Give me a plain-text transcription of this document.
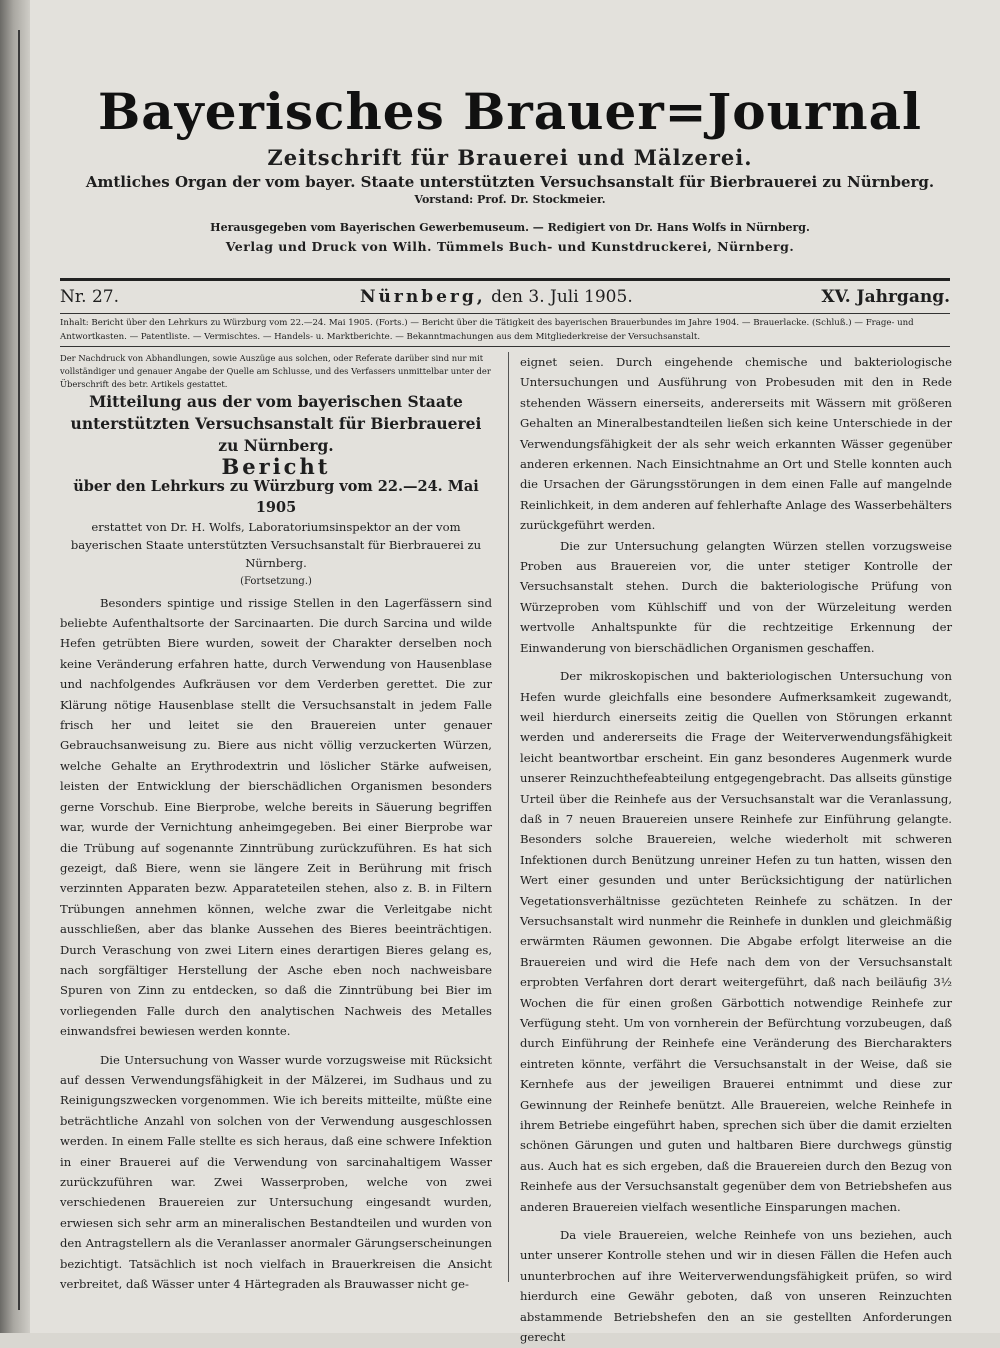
Bayerisches Brauer=Journal

Zeitschrift für Brauerei und Mälzerei.

Amtliches Organ der vom bayer. Staate unterstützten Versuchsanstalt für Bierbrauerei zu Nürnberg.

Vorstand: Prof. Dr. Stockmeier.

Herausgegeben vom Bayerischen Gewerbemuseum. — Redigiert von Dr. Hans Wolfs in Nürnberg.

Verlag und Druck von Wilh. Tümmels Buch- und Kunstdruckerei, Nürnberg.

Nr. 27.	Nürnberg, den 3. Juli 1905.	XV. Jahrgang.
Inhalt: Bericht über den Lehrkurs zu Würzburg vom 22.—24. Mai 1905. (Forts.) — Bericht über die Tätigkeit des bayerischen Brauerbundes im Jahre 1904. — Brauerlacke. (Schluß.) — Frage- und Antwortkasten. — Patentliste. — Vermischtes. — Handels- u. Marktberichte. — Bekanntmachungen aus dem Mitgliederkreise der Versuchsanstalt.

Der Nachdruck von Abhandlungen, sowie Auszüge aus solchen, oder Referate darüber sind nur mit vollständiger und genauer Angabe der Quelle am Schlusse, und des Verfassers unmittelbar unter der Überschrift des betr. Artikels gestattet.

Mitteilung aus der vom bayerischen Staate unterstützten Versuchsanstalt für Bierbrauerei zu Nürnberg.

Bericht

über den Lehrkurs zu Würzburg vom 22.—24. Mai 1905

erstattet von Dr. H. Wolfs, Laboratoriumsinspektor an der vom bayerischen Staate unterstützten Versuchsanstalt für Bierbrauerei zu Nürnberg.

(Fortsetzung.)

Besonders spintige und rissige Stellen in den Lagerfässern sind beliebte Aufenthaltsorte der Sarcinaarten. Die durch Sarcina und wilde Hefen getrübten Biere wurden, soweit der Charakter derselben noch keine Veränderung erfahren hatte, durch Verwendung von Hausenblase und nachfolgendes Aufkräusen vor dem Verderben gerettet. Die zur Klärung nötige Hausenblase stellt die Versuchsanstalt in jedem Falle frisch her und leitet sie den Brauereien unter genauer Gebrauchsanweisung zu. Biere aus nicht völlig verzuckerten Würzen, welche Gehalte an Erythrodextrin und löslicher Stärke aufweisen, leisten der Entwicklung der bierschädlichen Organismen besonders gerne Vorschub. Eine Bierprobe, welche bereits in Säuerung begriffen war, wurde der Vernichtung anheimgegeben. Bei einer Bierprobe war die Trübung auf sogenannte Zinntrübung zurückzuführen. Es hat sich gezeigt, daß Biere, wenn sie längere Zeit in Berührung mit frisch verzinnten Apparaten bezw. Apparateteilen stehen, also z. B. in Filtern Trübungen annehmen können, welche zwar die Verleitgabe nicht ausschließen, aber das blanke Aussehen des Bieres beeinträchtigen. Durch Veraschung von zwei Litern eines derartigen Bieres gelang es, nach sorgfältiger Herstellung der Asche eben noch nachweisbare Spuren von Zinn zu entdecken, so daß die Zinntrübung bei Bier im vorliegenden Falle durch den analytischen Nachweis des Metalles einwandsfrei bewiesen werden konnte.

Die Untersuchung von Wasser wurde vorzugsweise mit Rücksicht auf dessen Verwendungsfähigkeit in der Mälzerei, im Sudhaus und zu Reinigungszwecken vorgenommen. Wie ich bereits mitteilte, müßte eine beträchtliche Anzahl von solchen von der Verwendung ausgeschlossen werden. In einem Falle stellte es sich heraus, daß eine schwere Infektion in einer Brauerei auf die Verwendung von sarcinahaltigem Wasser zurückzuführen war. Zwei Wasserproben, welche von zwei verschiedenen Brauereien zur Untersuchung eingesandt wurden, erwiesen sich sehr arm an mineralischen Bestandteilen und wurden von den Antragstellern als die Veranlasser anormaler Gärungserscheinungen bezichtigt. Tatsächlich ist noch vielfach in Brauerkreisen die Ansicht verbreitet, daß Wässer unter 4 Härtegraden als Brauwasser nicht ge-

eignet seien. Durch eingehende chemische und bakteriologische Untersuchungen und Ausführung von Probesuden mit den in Rede stehenden Wässern einerseits, andererseits mit Wässern mit größeren Gehalten an Mineralbestandteilen ließen sich keine Unterschiede in der Verwendungsfähigkeit der als sehr weich erkannten Wässer gegenüber anderen erkennen. Nach Einsichtnahme an Ort und Stelle konnten auch die Ursachen der Gärungsstörungen in dem einen Falle auf mangelnde Reinlichkeit, in dem anderen auf fehlerhafte Anlage des Wasserbehälters zurückgeführt werden.

Die zur Untersuchung gelangten Würzen stellen vorzugsweise Proben aus Brauereien vor, die unter stetiger Kontrolle der Versuchsanstalt stehen. Durch die bakteriologische Prüfung von Würzeproben vom Kühlschiff und von der Würzeleitung werden wertvolle Anhaltspunkte für die rechtzeitige Erkennung der Einwanderung von bierschädlichen Organismen geschaffen.

Der mikroskopischen und bakteriologischen Untersuchung von Hefen wurde gleichfalls eine besondere Aufmerksamkeit zugewandt, weil hierdurch einerseits zeitig die Quellen von Störungen erkannt werden und andererseits die Frage der Weiterverwendungsfähigkeit leicht beantwortbar erscheint. Ein ganz besonderes Augenmerk wurde unserer Reinzuchthefeabteilung entgegengebracht. Das allseits günstige Urteil über die Reinhefe aus der Versuchsanstalt war die Veranlassung, daß in 7 neuen Brauereien unsere Reinhefe zur Einführung gelangte. Besonders solche Brauereien, welche wiederholt mit schweren Infektionen durch Benützung unreiner Hefen zu tun hatten, wissen den Wert einer gesunden und unter Berücksichtigung der natürlichen Vegetationsverhältnisse gezüchteten Reinhefe zu schätzen. In der Versuchsanstalt wird nunmehr die Reinhefe in dunklen und gleichmäßig erwärmten Räumen gewonnen. Die Abgabe erfolgt literweise an die Brauereien und wird die Hefe nach dem von der Versuchsanstalt erprobten Verfahren dort derart weitergeführt, daß nach beiläufig 3½ Wochen die für einen großen Gärbottich notwendige Reinhefe zur Verfügung steht. Um von vornherein der Befürchtung vorzubeugen, daß durch Einführung der Reinhefe eine Veränderung des Biercharakters eintreten könnte, verfährt die Versuchsanstalt in der Weise, daß sie Kernhefe aus der jeweiligen Brauerei entnimmt und diese zur Gewinnung der Reinhefe benützt. Alle Brauereien, welche Reinhefe in ihrem Betriebe eingeführt haben, sprechen sich über die damit erzielten schönen Gärungen und guten und haltbaren Biere durchwegs günstig aus. Auch hat es sich ergeben, daß die Brauereien durch den Bezug von Reinhefe aus der Versuchsanstalt gegenüber dem von Betriebshefen aus anderen Brauereien vielfach wesentliche Einsparungen machen.

Da viele Brauereien, welche Reinhefe von uns beziehen, auch unter unserer Kontrolle stehen und wir in diesen Fällen die Hefen auch ununterbrochen auf ihre Weiterverwendungsfähigkeit prüfen, so wird hierdurch eine Gewähr geboten, daß von unseren Reinzuchten abstammende Betriebshefen den an sie gestellten Anforderungen gerecht
